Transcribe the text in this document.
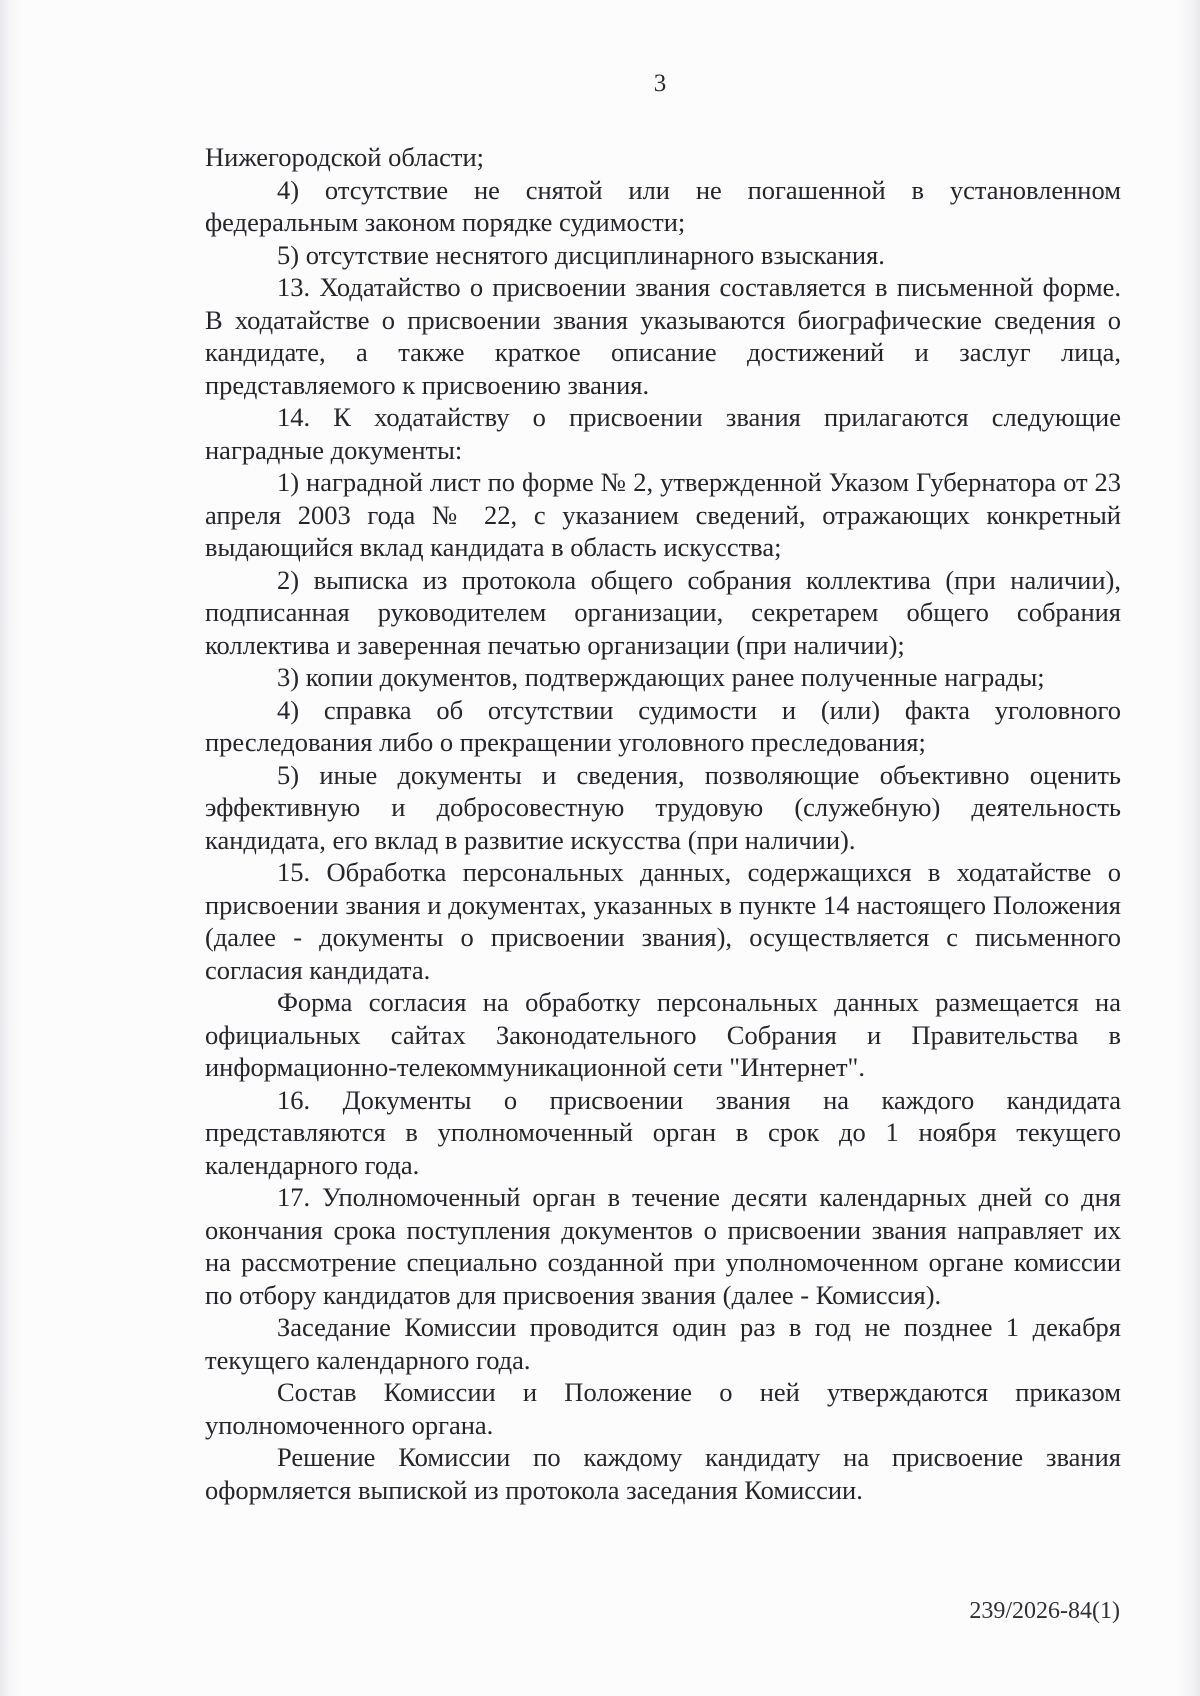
3

Нижегородской области;

4) отсутствие не снятой или не погашенной в установленном федеральным законом порядке судимости;

5) отсутствие неснятого дисциплинарного взыскания.

13. Ходатайство о присвоении звания составляется в письменной форме. В ходатайстве о присвоении звания указываются биографические сведения о кандидате, а также краткое описание достижений и заслуг лица, представляемого к присвоению звания.

14. К ходатайству о присвоении звания прилагаются следующие наградные документы:

1) наградной лист по форме № 2, утвержденной Указом Губернатора от 23 апреля 2003 года № 22, с указанием сведений, отражающих конкретный выдающийся вклад кандидата в область искусства;

2) выписка из протокола общего собрания коллектива (при наличии), подписанная руководителем организации, секретарем общего собрания коллектива и заверенная печатью организации (при наличии);

3) копии документов, подтверждающих ранее полученные награды;

4) справка об отсутствии судимости и (или) факта уголовного преследования либо о прекращении уголовного преследования;

5) иные документы и сведения, позволяющие объективно оценить эффективную и добросовестную трудовую (служебную) деятельность кандидата, его вклад в развитие искусства (при наличии).

15. Обработка персональных данных, содержащихся в ходатайстве о присвоении звания и документах, указанных в пункте 14 настоящего Положения (далее - документы о присвоении звания), осуществляется с письменного согласия кандидата.

Форма согласия на обработку персональных данных размещается на официальных сайтах Законодательного Собрания и Правительства в информационно-телекоммуникационной сети "Интернет".

16. Документы о присвоении звания на каждого кандидата представляются в уполномоченный орган в срок до 1 ноября текущего календарного года.

17. Уполномоченный орган в течение десяти календарных дней со дня окончания срока поступления документов о присвоении звания направляет их на рассмотрение специально созданной при уполномоченном органе комиссии по отбору кандидатов для присвоения звания (далее - Комиссия).

Заседание Комиссии проводится один раз в год не позднее 1 декабря текущего календарного года.

Состав Комиссии и Положение о ней утверждаются приказом уполномоченного органа.

Решение Комиссии по каждому кандидату на присвоение звания оформляется выпиской из протокола заседания Комиссии.

239/2026-84(1)
